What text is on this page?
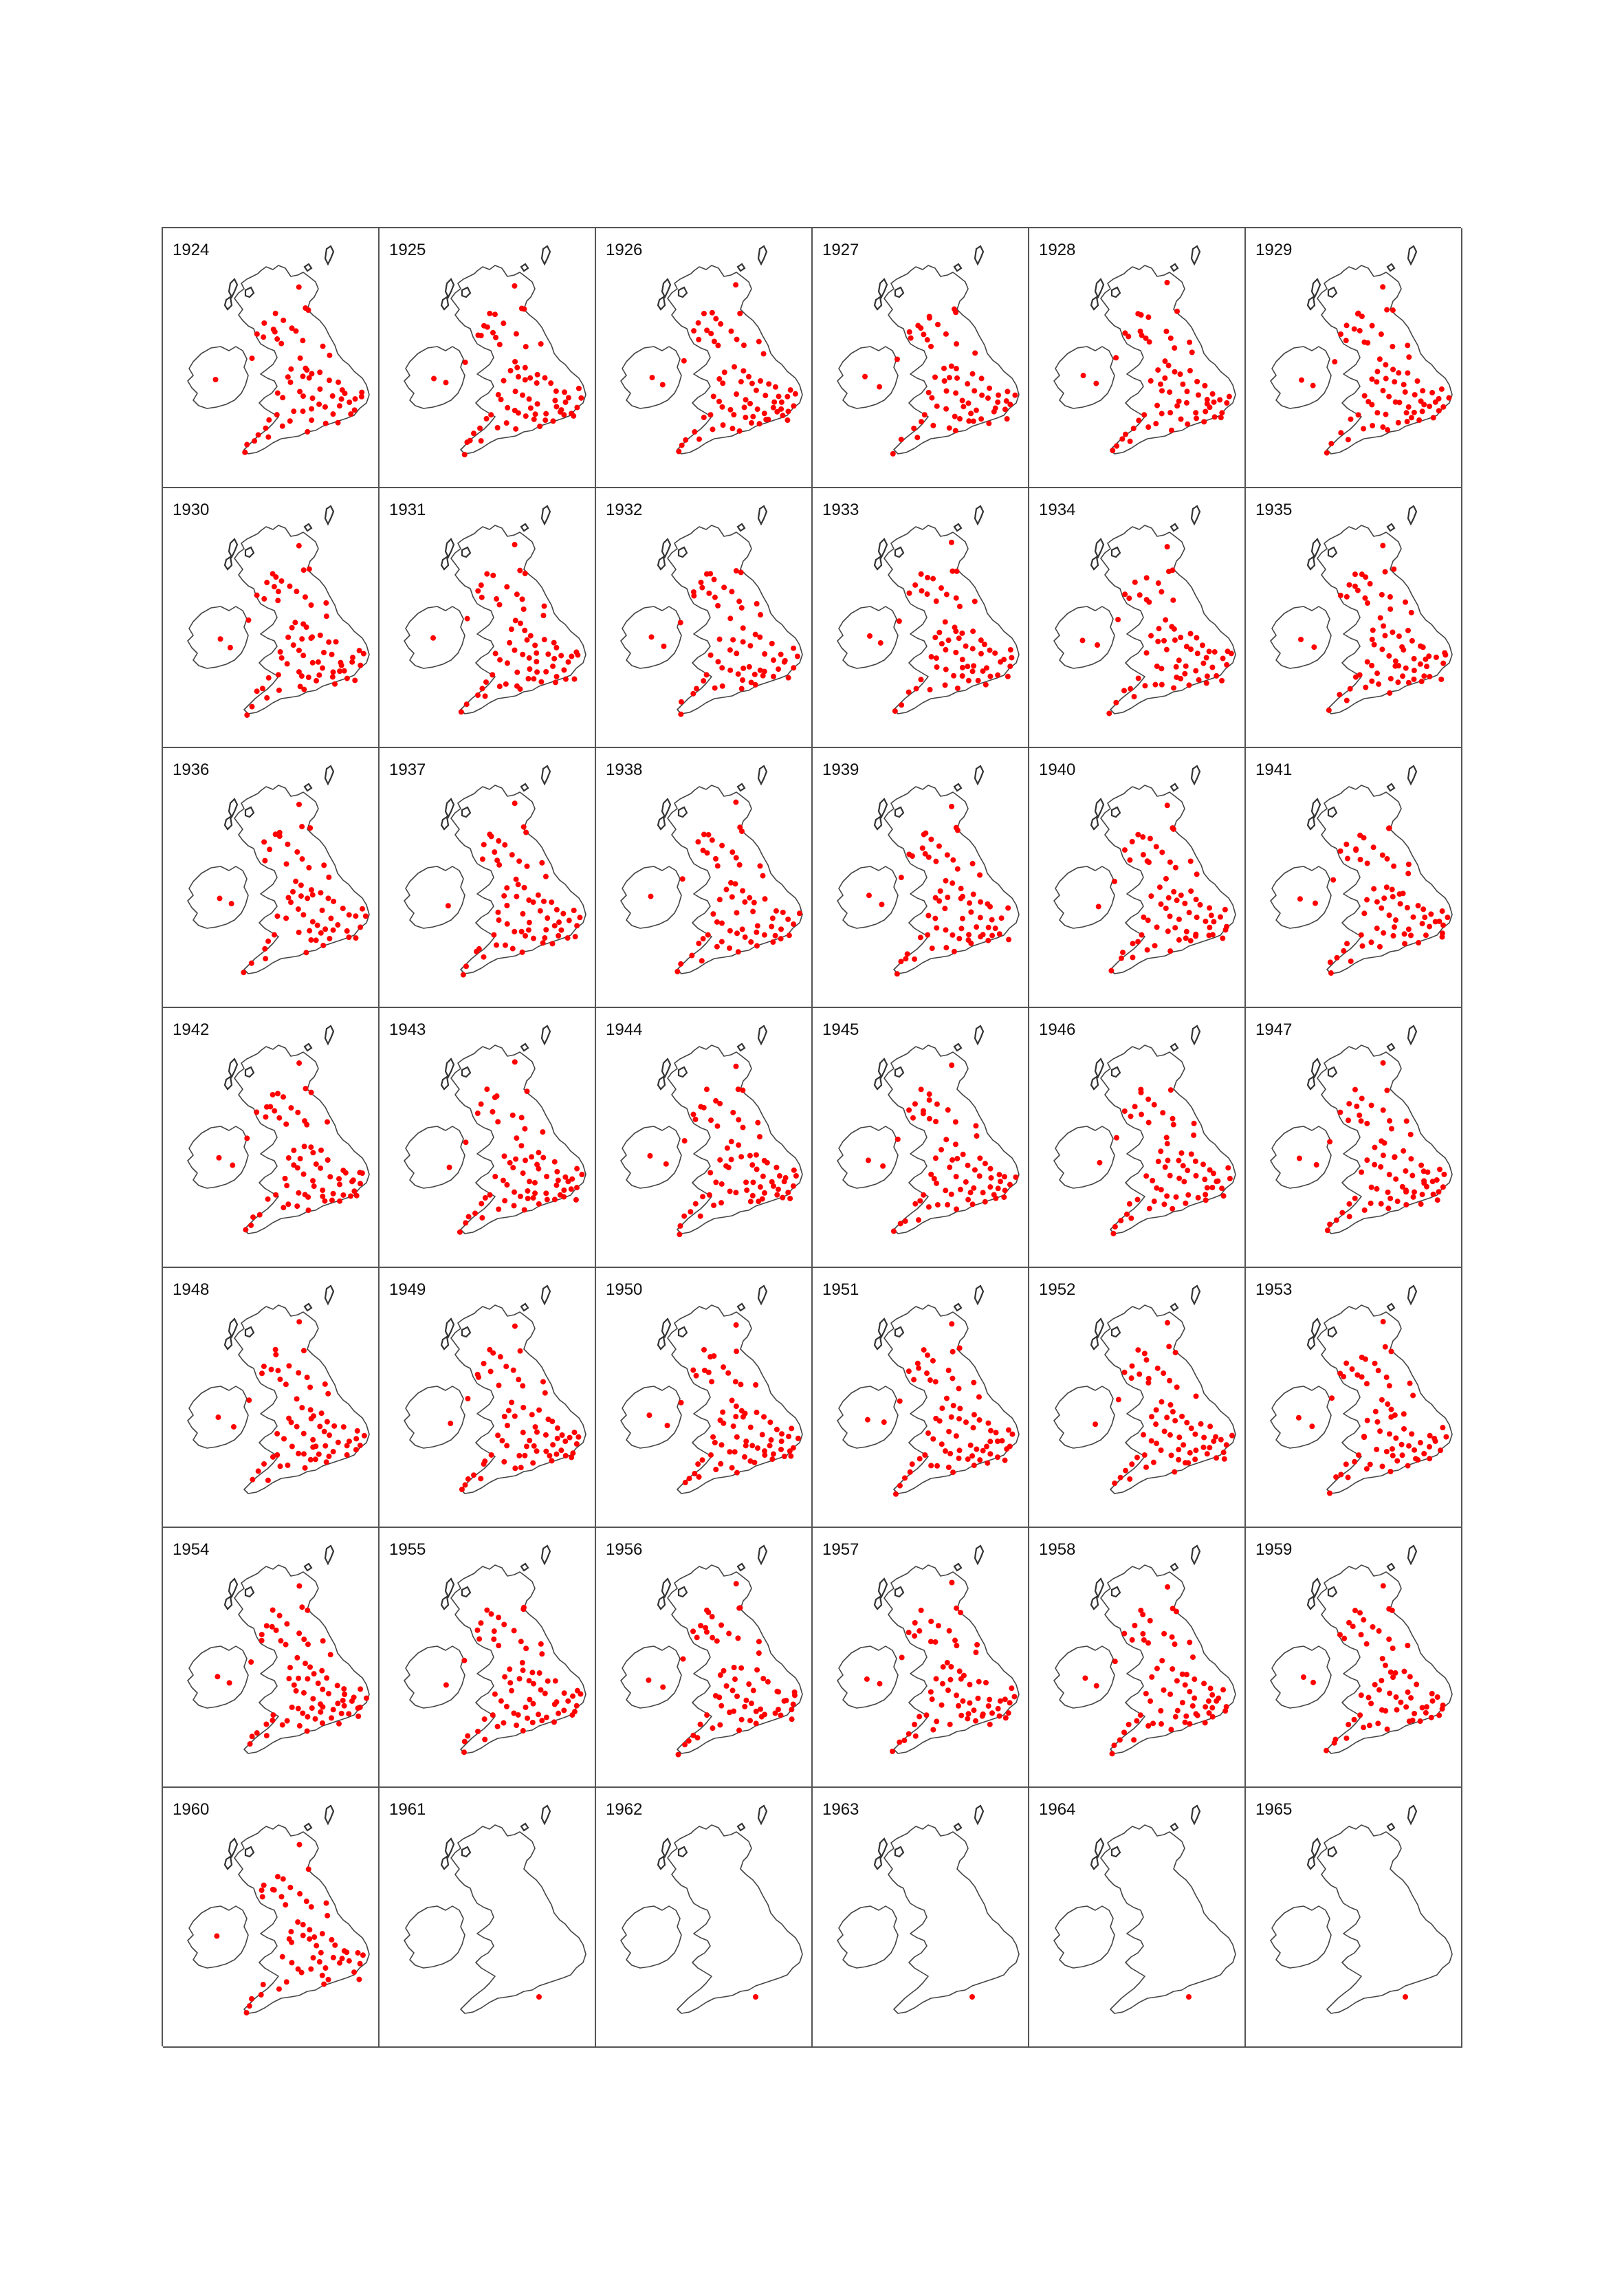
1924	1925	1926	1927	1928	1929
1930	1931	1932	1933	1934	1935
1936	1937	1938	1939	1940	1941
1942	1943	1944	1945	1946	1947
1948	1949	1950	1951	1952	1953
1954	1955	1956	1957	1958	1959
1960	1961	1962	1963	1964	1965
